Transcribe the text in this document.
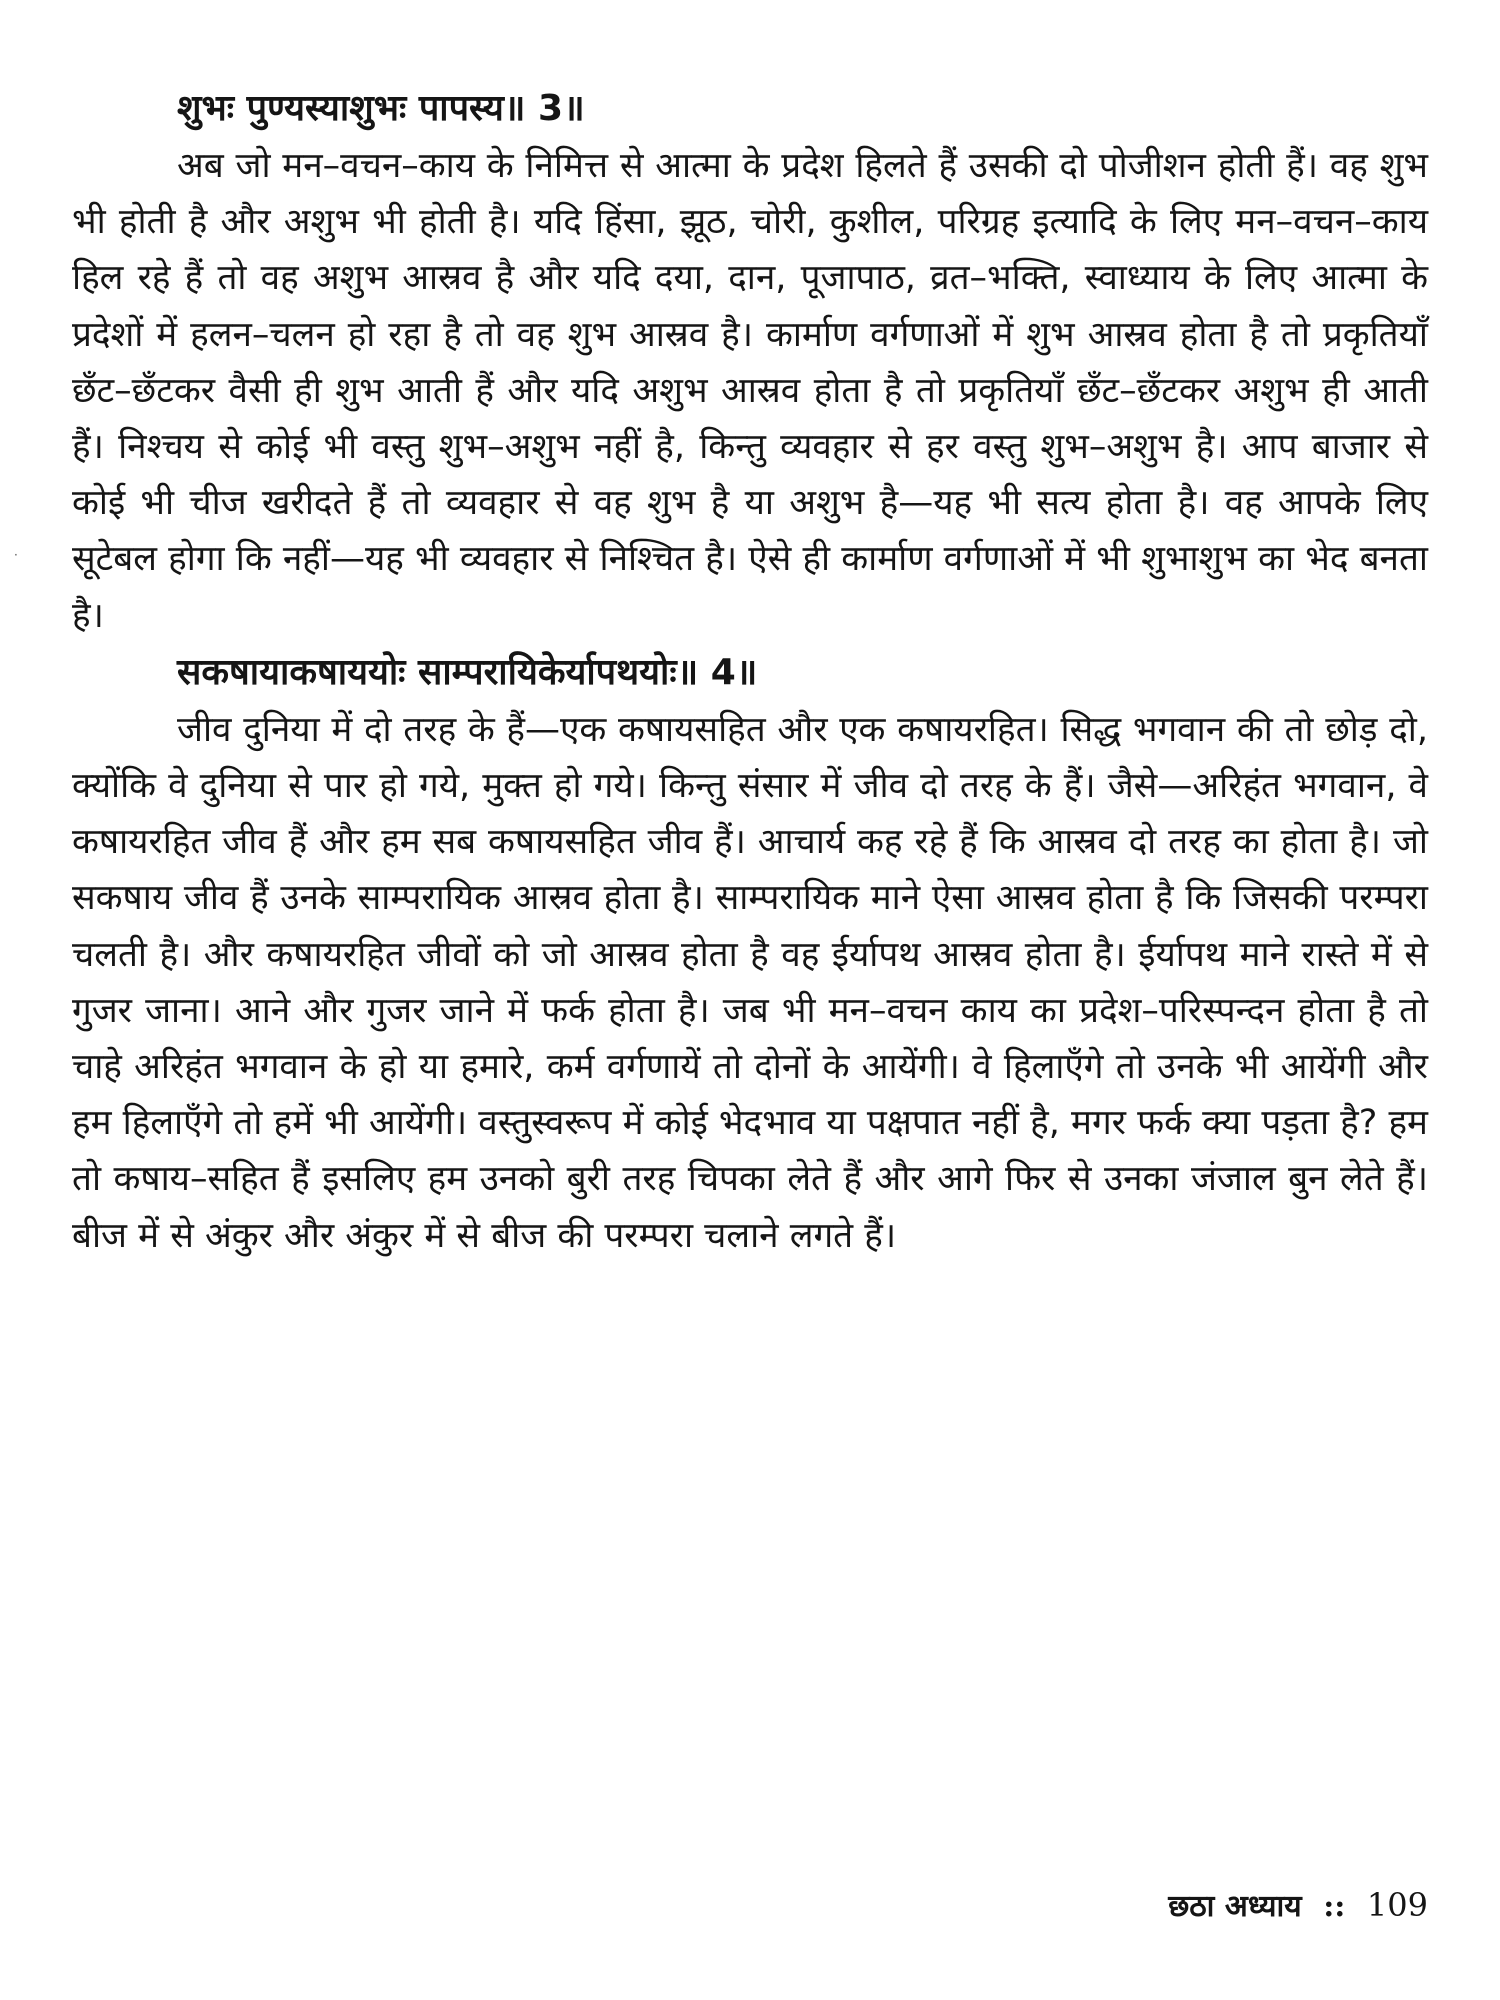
·

शुभः पुण्यस्याशुभः पापस्य॥ 3॥

अब जो मन–वचन–काय के निमित्त से आत्मा के प्रदेश हिलते हैं उसकी दो पोजीशन होती हैं। वह शुभ भी होती है और अशुभ भी होती है। यदि हिंसा, झूठ, चोरी, कुशील, परिग्रह इत्यादि के लिए मन–वचन–काय हिल रहे हैं तो वह अशुभ आस्रव है और यदि दया, दान, पूजापाठ, व्रत–भक्ति, स्वाध्याय के लिए आत्मा के प्रदेशों में हलन–चलन हो रहा है तो वह शुभ आस्रव है। कार्माण वर्गणाओं में शुभ आस्रव होता है तो प्रकृतियाँ छँट–छँटकर वैसी ही शुभ आती हैं और यदि अशुभ आस्रव होता है तो प्रकृतियाँ छँट–छँटकर अशुभ ही आती हैं। निश्चय से कोई भी वस्तु शुभ–अशुभ नहीं है, किन्तु व्यवहार से हर वस्तु शुभ–अशुभ है। आप बाजार से कोई भी चीज खरीदते हैं तो व्यवहार से वह शुभ है या अशुभ है—यह भी सत्य होता है। वह आपके लिए सूटेबल होगा कि नहीं—यह भी व्यवहार से निश्चित है। ऐसे ही कार्माण वर्गणाओं में भी शुभाशुभ का भेद बनता है।

सकषायाकषाययोः साम्परायिकेर्यापथयोः॥ 4॥

जीव दुनिया में दो तरह के हैं—एक कषायसहित और एक कषायरहित। सिद्ध भगवान की तो छोड़ दो, क्योंकि वे दुनिया से पार हो गये, मुक्त हो गये। किन्तु संसार में जीव दो तरह के हैं। जैसे—अरिहंत भगवान, वे कषायरहित जीव हैं और हम सब कषायसहित जीव हैं। आचार्य कह रहे हैं कि आस्रव दो तरह का होता है। जो सकषाय जीव हैं उनके साम्परायिक आस्रव होता है। साम्परायिक माने ऐसा आस्रव होता है कि जिसकी परम्परा चलती है। और कषायरहित जीवों को जो आस्रव होता है वह ईर्यापथ आस्रव होता है। ईर्यापथ माने रास्ते में से गुजर जाना। आने और गुजर जाने में फर्क होता है। जब भी मन–वचन काय का प्रदेश–परिस्पन्दन होता है तो चाहे अरिहंत भगवान के हो या हमारे, कर्म वर्गणायें तो दोनों के आयेंगी। वे हिलाएँगे तो उनके भी आयेंगी और हम हिलाएँगे तो हमें भी आयेंगी। वस्तुस्वरूप में कोई भेदभाव या पक्षपात नहीं है, मगर फर्क क्या पड़ता है? हम तो कषाय–सहित हैं इसलिए हम उनको बुरी तरह चिपका लेते हैं और आगे फिर से उनका जंजाल बुन लेते हैं। बीज में से अंकुर और अंकुर में से बीज की परम्परा चलाने लगते हैं।

छठा अध्याय :: 109
